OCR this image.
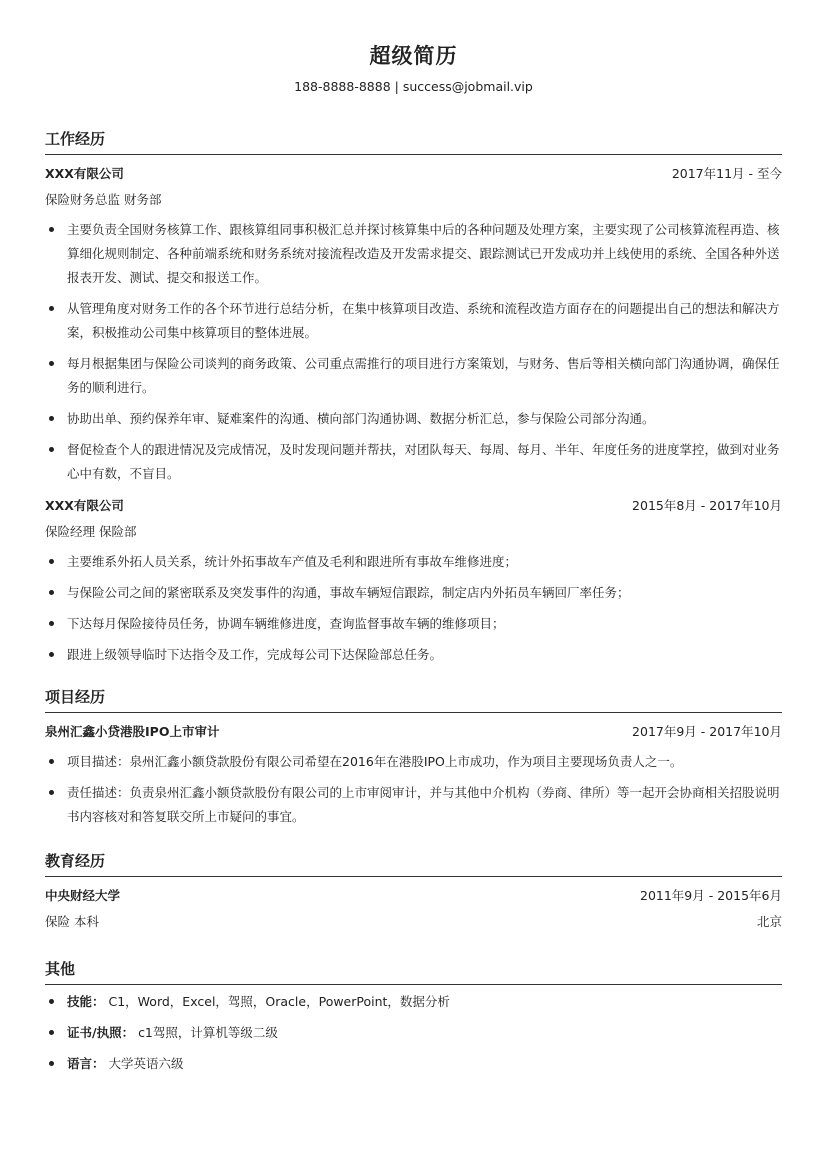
超级简历
188-8888-8888 | success@jobmail.vip
工作经历
XXX有限公司	2017年11月 - 至今
保险财务总监 财务部
主要负责全国财务核算工作、跟核算组同事积极汇总并探讨核算集中后的各种问题及处理方案，主要实现了公司核算流程再造、核算细化规则制定、各种前端系统和财务系统对接流程改造及开发需求提交、跟踪测试已开发成功并上线使用的系统、全国各种外送报表开发、测试、提交和报送工作。
从管理角度对财务工作的各个环节进行总结分析，在集中核算项目改造、系统和流程改造方面存在的问题提出自己的想法和解决方案，积极推动公司集中核算项目的整体进展。
每月根据集团与保险公司谈判的商务政策、公司重点需推行的项目进行方案策划，与财务、售后等相关横向部门沟通协调，确保任务的顺利进行。
协助出单、预约保养年审、疑难案件的沟通、横向部门沟通协调、数据分析汇总，参与保险公司部分沟通。
督促检查个人的跟进情况及完成情况，及时发现问题并帮扶，对团队每天、每周、每月、半年、年度任务的进度掌控，做到对业务心中有数，不盲目。
XXX有限公司	2015年8月 - 2017年10月
保险经理 保险部
主要维系外拓人员关系，统计外拓事故车产值及毛利和跟进所有事故车维修进度；
与保险公司之间的紧密联系及突发事件的沟通，事故车辆短信跟踪，制定店内外拓员车辆回厂率任务；
下达每月保险接待员任务，协调车辆维修进度，查询监督事故车辆的维修项目；
跟进上级领导临时下达指令及工作，完成每公司下达保险部总任务。
项目经历
泉州汇鑫小贷港股IPO上市审计	2017年9月 - 2017年10月
项目描述：泉州汇鑫小额贷款股份有限公司希望在2016年在港股IPO上市成功，作为项目主要现场负责人之一。
责任描述：负责泉州汇鑫小额贷款股份有限公司的上市审阅审计，并与其他中介机构（券商、律所）等一起开会协商相关招股说明书内容核对和答复联交所上市疑问的事宜。
教育经历
中央财经大学	2011年9月 - 2015年6月
保险 本科	北京
其他
技能： C1，Word，Excel，驾照，Oracle，PowerPoint，数据分析
证书/执照： c1驾照，计算机等级二级
语言： 大学英语六级
